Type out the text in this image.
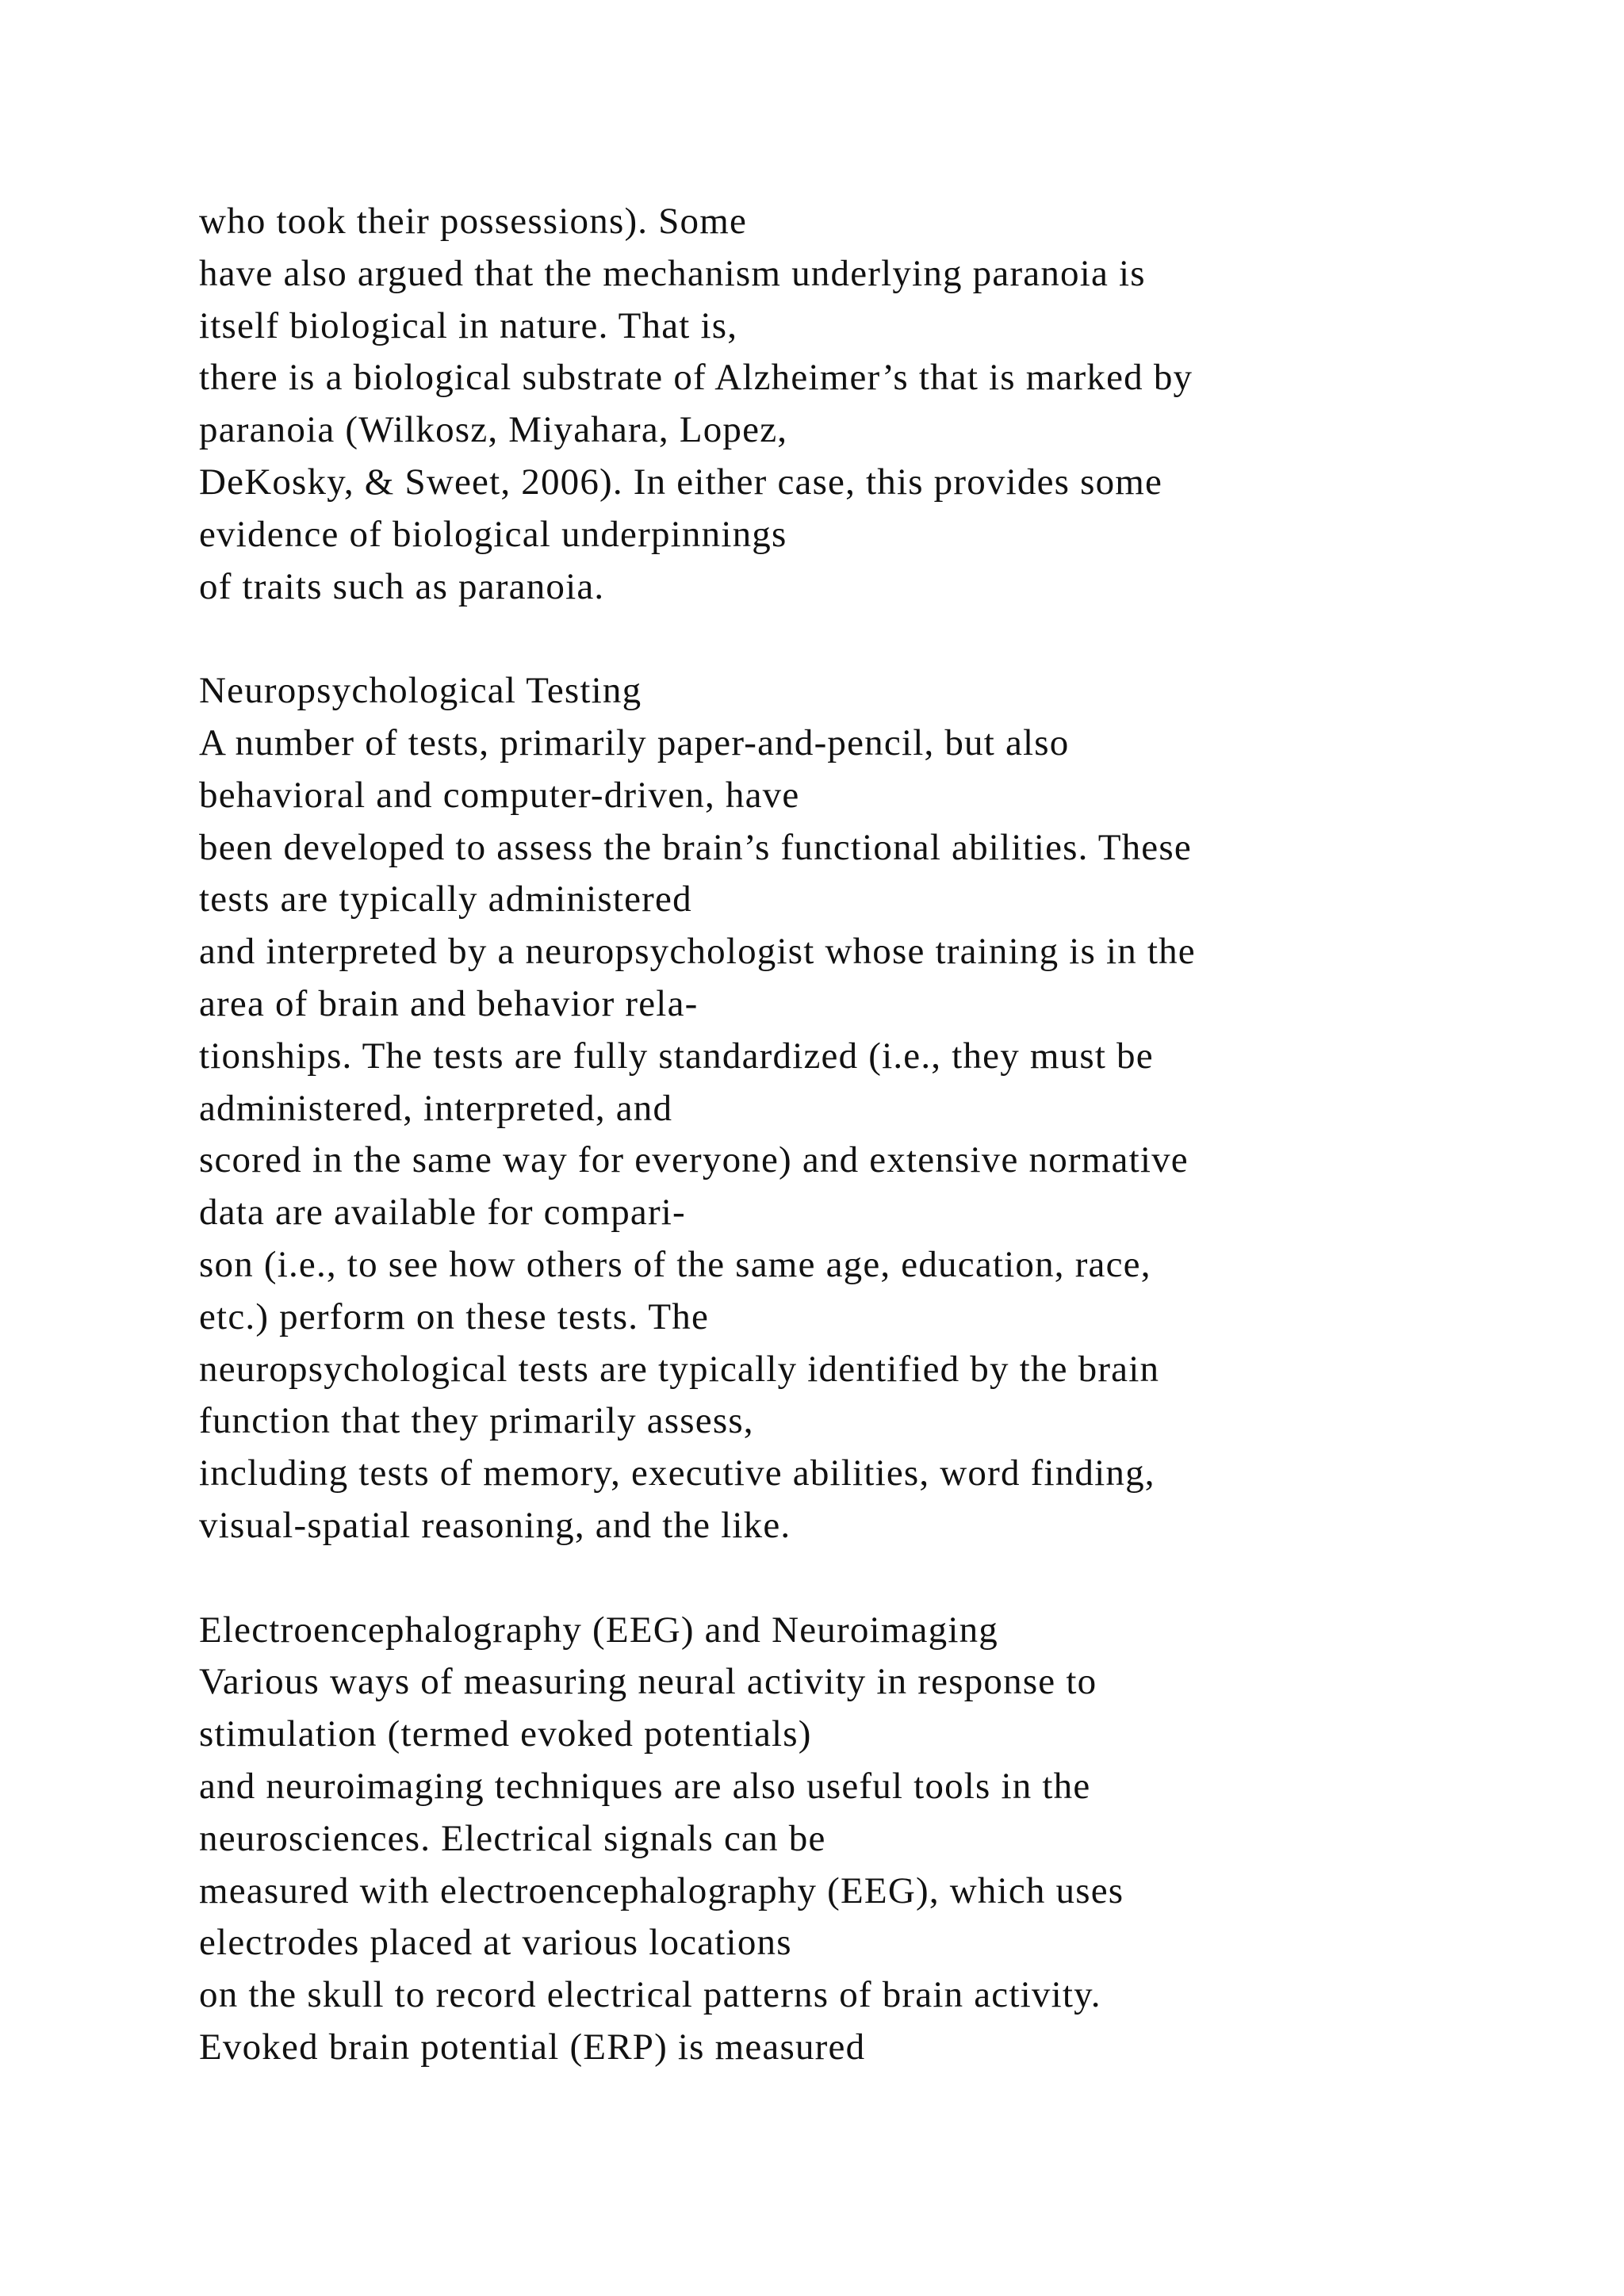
who took their possessions). Some
have also argued that the mechanism underlying paranoia is
itself biological in nature. That is,
there is a biological substrate of Alzheimer’s that is marked by
paranoia (Wilkosz, Miyahara, Lopez,
DeKosky, & Sweet, 2006). In either case, this provides some
evidence of biological underpinnings
of traits such as paranoia.
Neuropsychological Testing
A number of tests, primarily paper-and-pencil, but also
behavioral and computer-driven, have
been developed to assess the brain’s functional abilities. These
tests are typically administered
and interpreted by a neuropsychologist whose training is in the
area of brain and behavior rela-
tionships. The tests are fully standardized (i.e., they must be
administered, interpreted, and
scored in the same way for everyone) and extensive normative
data are available for compari-
son (i.e., to see how others of the same age, education, race,
etc.) perform on these tests. The
neuropsychological tests are typically identified by the brain
function that they primarily assess,
including tests of memory, executive abilities, word finding,
visual-spatial reasoning, and the like.
Electroencephalography (EEG) and Neuroimaging
Various ways of measuring neural activity in response to
stimulation (termed evoked potentials)
and neuroimaging techniques are also useful tools in the
neurosciences. Electrical signals can be
measured with electroencephalography (EEG), which uses
electrodes placed at various locations
on the skull to record electrical patterns of brain activity.
Evoked brain potential (ERP) is measured
